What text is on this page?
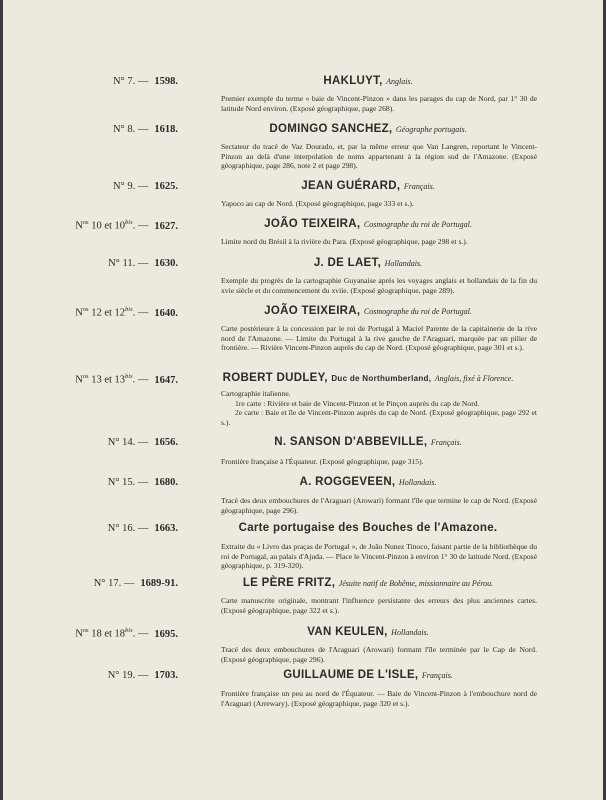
N° 7. — 1598.	HAKLUYT, Anglais.

Premier exemple du terme « baie de Vincent-Pinzon » dans les parages du cap de Nord, par 1° 30 de latitude Nord environ. (Exposé géographique, page 268).

N° 8. — 1618.	DOMINGO SANCHEZ, Géographe portugais.

Sectateur du tracé de Vaz Dourado, et, par la même erreur que Van Langren, reportant le Vincent-Pinzon au delà d'une interpolation de noms appartenant à la région sud de l'Amazone. (Exposé géographique, page 286, note 2 et page 298).

N° 9. — 1625.	JEAN GUÉRARD, Français.

Yapoco au cap de Nord. (Exposé géographique, page 333 et s.).

$N^{os}$ 10 et $10^{bis}$. — 1627.	JOÃO TEIXEIRA, Cosmographe du roi de Portugal.

Limite nord du Brésil à la rivière du Para. (Exposé géographique, page 298 et s.).

N° 11. — 1630.	J. DE LAET, Hollandais.

Exemple du progrès de la cartographie Guyanaise après les voyages anglais et hollandais de la fin du xvie siècle et du commencement du xviie. (Exposé géographique, page 289).

$N^{os}$ 12 et $12^{bis}$. — 1640.	JOÃO TEIXEIRA, Cosmographe du roi de Portugal.

Carte postérieure à la concession par le roi de Portugal à Maciel Parente de la capitainerie de la rive nord de l'Amazone. — Limite du Portugal à la rive gauche de l'Araguari, marquée par un pilier de frontière. — Rivière Vincent-Pinzon auprès du cap de Nord. (Exposé géographique, page 301 et s.).

$N^{os}$ 13 et $13^{bis}$. — 1647.	ROBERT DUDLEY, Duc de Northumberland, Anglais, fixé à Florence.

Cartographie italienne.

1re carte : Rivière et baie de Vincent-Pinzon et le Pinçon auprès du cap de Nord.

2e carte : Baie et île de Vincent-Pinzon auprès du cap de Nord. (Exposé géographique, page 292 et s.).

N° 14. — 1656.	N. SANSON D'ABBEVILLE, Français.

Frontière française à l'Équateur. (Exposé géographique, page 315).

N° 15. — 1680.	A. ROGGEVEEN, Hollandais.

Tracé des deux embouchures de l'Araguari (Arowari) formant l'île que termine le cap de Nord. (Exposé géographique, page 296).

N° 16. — 1663.	Carte portugaise des Bouches de l'Amazone.

Extraite du « Livro das praças de Portugal », de João Nunez Tinoco, faisant partie de la bibliothèque du roi de Portugal, au palais d'Ajuda. — Place le Vincent-Pinzon à environ 1° 30 de latitude Nord. (Exposé géographique, p. 319-320).

N° 17. — 1689-91.	LE PÈRE FRITZ, Jésuite natif de Bohême, missionnaire au Pérou.

Carte manuscrite originale, montrant l'influence persistante des erreurs des plus anciennes cartes. (Exposé géographique, page 322 et s.).

$N^{os}$ 18 et $18^{bis}$. — 1695.	VAN KEULEN, Hollandais.

Tracé des deux embouchures de l'Araguari (Arowari) formant l'île terminée par le Cap de Nord. (Exposé géographique, page 296).

N° 19. — 1703.	GUILLAUME DE L'ISLE, Français.

Frontière française un peu au nord de l'Équateur. — Baie de Vincent-Pinzon à l'embouchure nord de l'Araguari (Arrewary). (Exposé géographique, page 320 et s.).
